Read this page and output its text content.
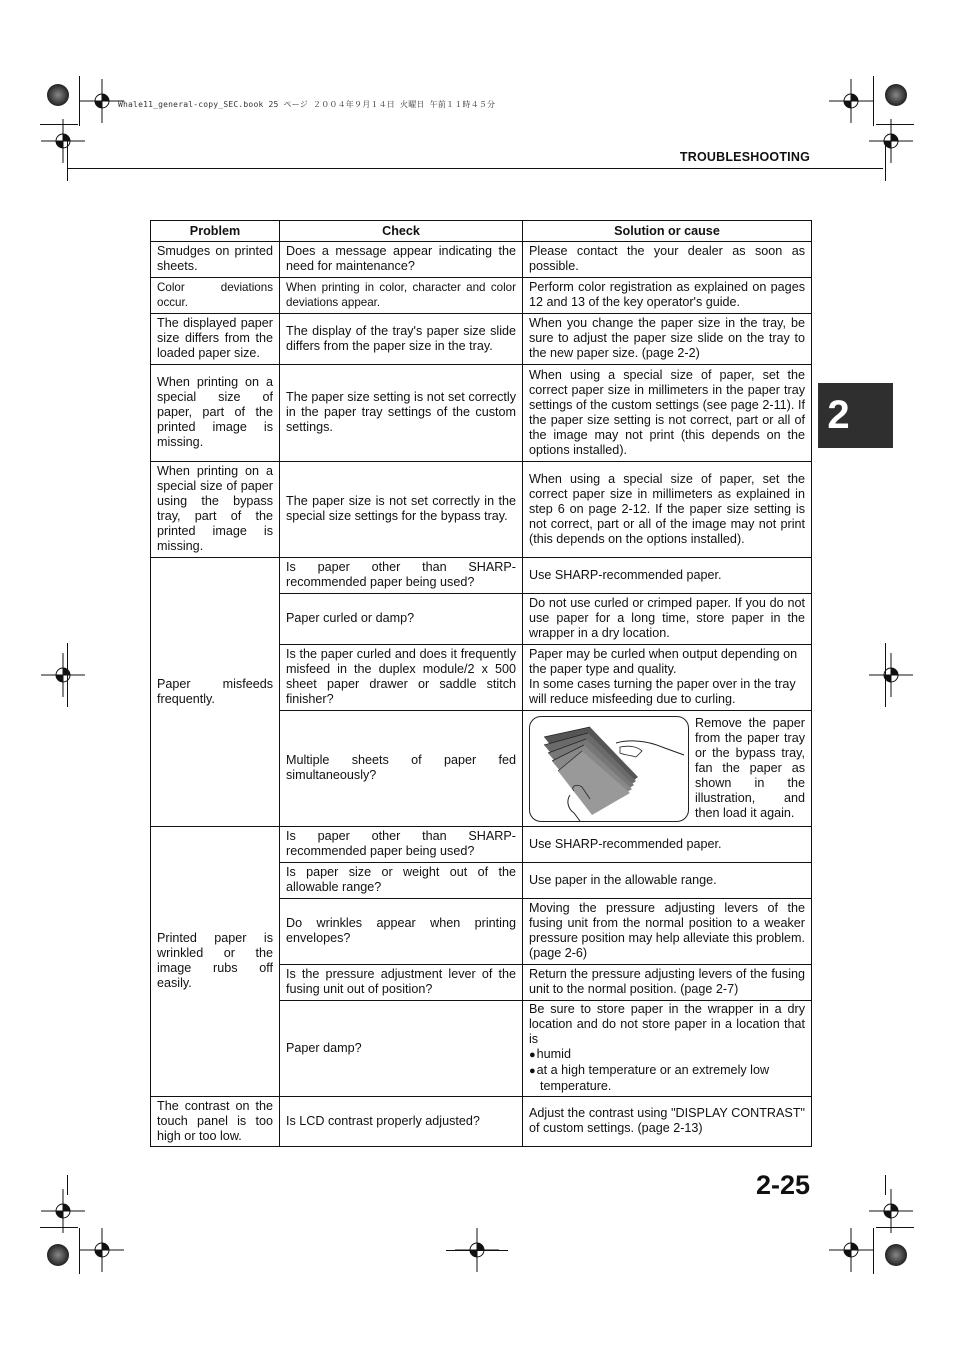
Whale11_general-copy_SEC.book 25 ページ ２００４年９月１４日 火曜日 午前１１時４５分
TROUBLESHOOTING
2
Problem	Check	Solution or cause
Smudges on printed sheets.	Does a message appear indicating the need for maintenance?	Please contact the your dealer as soon as possible.
Color deviations occur.	When printing in color, character and color deviations appear.	Perform color registration as explained on pages 12 and 13 of the key operator's guide.
The displayed paper size differs from the loaded paper size.	The display of the tray's paper size slide differs from the paper size in the tray.	When you change the paper size in the tray, be sure to adjust the paper size slide on the tray to the new paper size. (page 2-2)
When printing on a special size of paper, part of the printed image is missing.	The paper size setting is not set correctly in the paper tray settings of the custom settings.	When using a special size of paper, set the correct paper size in millimeters in the paper tray settings of the custom settings (see page 2-11). If the paper size setting is not correct, part or all of the image may not print (this depends on the options installed).
When printing on a special size of paper using the bypass tray, part of the printed image is missing.	The paper size is not set correctly in the special size settings for the bypass tray.	When using a special size of paper, set the correct paper size in millimeters as explained in step 6 on page 2-12. If the paper size setting is not correct, part or all of the image may not print (this depends on the options installed).
Paper misfeeds frequently.	Is paper other than SHARP-recommended paper being used?	Use SHARP-recommended paper.
	Paper curled or damp?	Do not use curled or crimped paper. If you do not use paper for a long time, store paper in the wrapper in a dry location.
	Is the paper curled and does it frequently misfeed in the duplex module/2 x 500 sheet paper drawer or saddle stitch finisher?	Paper may be curled when output depending on the paper type and quality.
In some cases turning the paper over in the tray will reduce misfeeding due to curling.

	Multiple sheets of paper fed simultaneously?	Remove the paper from the paper tray or the bypass tray, fan the paper as shown in the illustration, and then load it again.

Printed paper is wrinkled or the image rubs off easily.	Is paper other than SHARP-recommended paper being used?	Use SHARP-recommended paper.
	Is paper size or weight out of the allowable range?	Use paper in the allowable range.
	Do wrinkles appear when printing envelopes?	Moving the pressure adjusting levers of the fusing unit from the normal position to a weaker pressure position may help alleviate this problem. (page 2-6)
	Is the pressure adjustment lever of the fusing unit out of position?	Return the pressure adjusting levers of the fusing unit to the normal position. (page 2-7)
	Paper damp?	Be sure to store paper in the wrapper in a dry location and do not store paper in a location that is
● humid
● at a high temperature or an extremely low temperature.

The contrast on the touch panel is too high or too low.	Is LCD contrast properly adjusted?	Adjust the contrast using "DISPLAY CONTRAST" of custom settings. (page 2-13)
2-25
